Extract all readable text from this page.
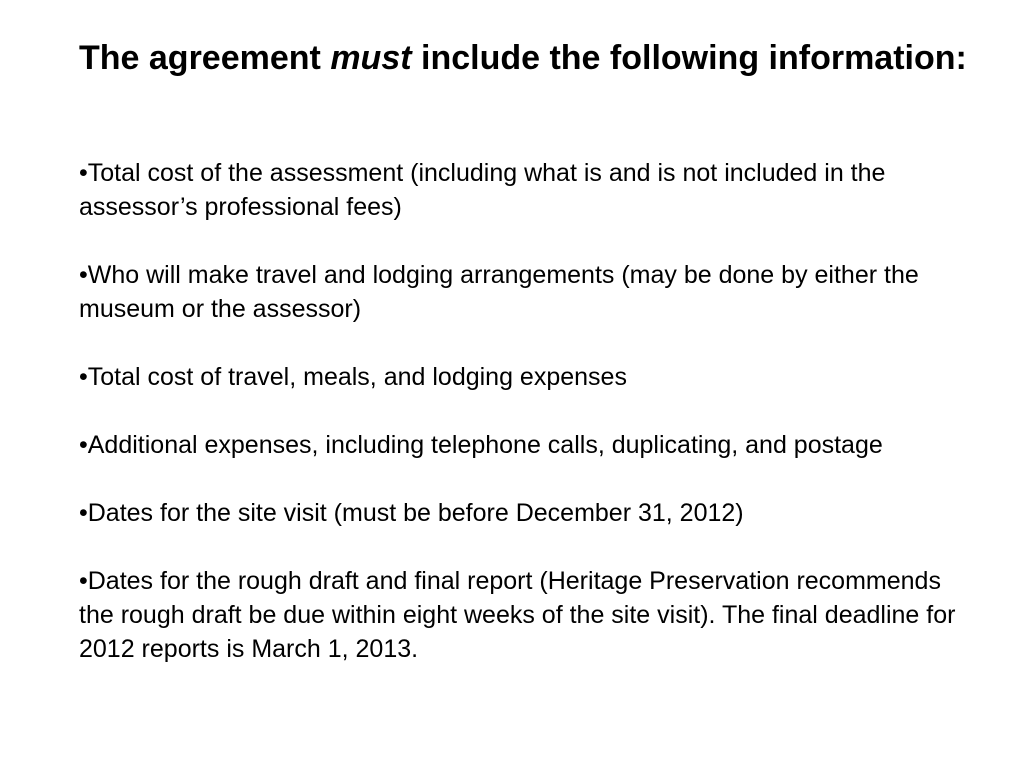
The agreement must include the following information:
•Total cost of the assessment (including what is and is not included in the assessor’s professional fees)
•Who will make travel and lodging arrangements (may be done by either the museum or the assessor)
•Total cost of travel, meals, and lodging expenses
•Additional expenses, including telephone calls, duplicating, and postage
•Dates for the site visit (must be before December 31, 2012)
•Dates for the rough draft and final report (Heritage Preservation recommends the rough draft be due within eight weeks of the site visit). The final deadline for 2012 reports is March 1, 2013.
